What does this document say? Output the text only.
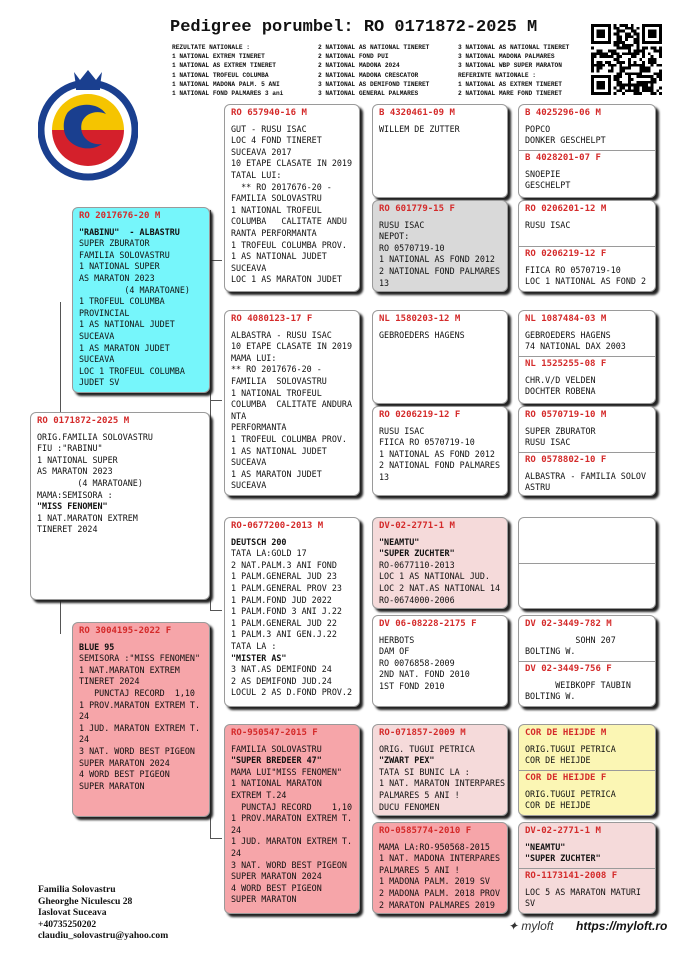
Pedigree porumbel: RO 0171872-2025 M
REZULTATE NATIONALE :
1 NATIONAL EXTREM TINERET
1 NATIONAL AS EXTREM TINERET
1 NATIONAL TROFEUL COLUMBA
1 NATIONAL MADONA PALM. 5 ANI
1 NATIONAL FOND PALMARES 3 ani
2 NATIONAL AS NATIONAL TINERET
2 NATIONAL FOND PUI
2 NATIONAL MADONA 2024
2 NATIONAL MADONA CRESCATOR
3 NATIONAL AS DEMIFOND TINERET
3 NATIONAL GENERAL PALMARES
3 NATIONAL AS NATIONAL TINERET
3 NATIONAL MADONA PALMARES
3 NATIONAL WBP SUPER MARATON
REFERINTE NATIONALE :
1 NATIONAL AS EXTREM TINERET
2 NATIONAL MARE FOND TINERET
RO 0171872-2025 M
ORIG.FAMILIA SOLOVASTRU
FIU :"RABINU"
1 NATIONAL SUPER
AS MARATON 2023
(4 MARATOANE)
MAMA:SEMISORA :
"MISS FENOMEN"
1 NAT.MARATON EXTREM
TINERET 2024
RO 2017676-20 M
"RABINU"  - ALBASTRU
SUPER ZBURATOR
FAMILIA SOLOVASTRU
1 NATIONAL SUPER
AS MARATON 2023
(4 MARATOANE)
1 TROFEUL COLUMBA
PROVINCIAL
1 AS NATIONAL JUDET
SUCEAVA
1 AS MARATON JUDET
SUCEAVA
LOC 1 TROFEUL COLUMBA
JUDET SV
RO 3004195-2022 F
BLUE 95
SEMISORA :"MISS FENOMEN"
1 NAT.MARATON EXTREM
TINERET 2024
PUNCTAJ RECORD  1,10
1 PROV.MARATON EXTREM T.
24
1 JUD. MARATON EXTREM T.
24
3 NAT. WORD BEST PIGEON
SUPER MARATON 2024
4 WORD BEST PIGEON
SUPER MARATON
RO 657940-16 M
GUT - RUSU ISAC
LOC 4 FOND TINERET
SUCEAVA 2017
10 ETAPE CLASATE IN 2019
TATAL LUI:
** RO 2017676-20 -
FAMILIA SOLOVASTRU
1 NATIONAL TROFEUL
COLUMBA   CALITATE ANDU
RANTA PERFORMANTA
1 TROFEUL COLUMBA PROV.
1 AS NATIONAL JUDET
SUCEAVA
LOC 1 AS MARATON JUDET
RO 4080123-17 F
ALBASTRA - RUSU ISAC
10 ETAPE CLASATE IN 2019
MAMA LUI:
** RO 2017676-20 -
FAMILIA  SOLOVASTRU
1 NATIONAL TROFEUL
COLUMBA  CALITATE ANDURA
NTA
PERFORMANTA
1 TROFEUL COLUMBA PROV.
1 AS NATIONAL JUDET
SUCEAVA
1 AS MARATON JUDET
SUCEAVA
RO-0677200-2013 M
DEUTSCH 200
TATA LA:GOLD 17
2 NAT.PALM.3 ANI FOND
1 PALM.GENERAL JUD 23
1 PALM.GENERAL PROV 23
1 PALM.FOND JUD 2022
1 PALM.FOND 3 ANI J.22
1 PALM.GENERAL JUD 22
1 PALM.3 ANI GEN.J.22
TATA LA :
"MISTER AS"
3 NAT.AS DEMIFOND 24
2 AS DEMIFOND JUD.24
LOCUL 2 AS D.FOND PROV.2
RO-950547-2015 F
FAMILIA SOLOVASTRU
"SUPER BREDEER 47"
MAMA LUI"MISS FENOMEN"
1 NATIONAL MARATON
EXTREM T.24
PUNCTAJ RECORD    1,10
1 PROV.MARATON EXTREM T.
24
1 JUD. MARATON EXTREM T.
24
3 NAT. WORD BEST PIGEON
SUPER MARATON 2024
4 WORD BEST PIGEON
SUPER MARATON
B 4320461-09 M
WILLEM DE ZUTTER
RO 601779-15 F
RUSU ISAC
NEPOT:
RO 0570719-10
1 NATIONAL AS FOND 2012
2 NATIONAL FOND PALMARES
13
NL 1580203-12 M
GEBROEDERS HAGENS
RO 0206219-12 F
RUSU ISAC
FIICA RO 0570719-10
1 NATIONAL AS FOND 2012
2 NATIONAL FOND PALMARES
13
DV-02-2771-1 M
"NEAMTU"
"SUPER ZUCHTER"
RO-0677110-2013
LOC 1 AS NATIONAL JUD.
LOC 2 NAT.AS NATIONAL 14
RO-0674000-2006
DV 06-08228-2175 F
HERBOTS
DAM OF
RO 0076858-2009
2ND NAT. FOND 2010
1ST FOND 2010
RO-071857-2009 M
ORIG. TUGUI PETRICA
"ZWART PEX"
TATA SI BUNIC LA :
1 NAT. MARATON INTERPARES
PALMARES 5 ANI !
DUCU FENOMEN
RO-0585774-2010 F
MAMA LA:RO-950568-2015
1 NAT. MADONA INTERPARES
PALMARES 5 ANI !
1 MADONA PALM. 2019 SV
2 MADONA PALM. 2018 PROV
2 MARATON PALMARES 2019
B 4025296-06 M
POPCO
DONKER GESCHELPT
B 4028201-07 F
SNOEPIE
GESCHELPT
RO 0206201-12 M
RUSU ISAC
RO 0206219-12 F
FIICA RO 0570719-10
LOC 1 NATIONAL AS FOND 2
NL 1087484-03 M
GEBROEDERS HAGENS
74 NATIONAL DAX 2003
NL 1525255-08 F
CHR.V/D VELDEN
DOCHTER ROBENA
RO 0570719-10 M
SUPER ZBURATOR
RUSU ISAC
RO 0578802-10 F
ALBASTRA - FAMILIA SOLOV
ASTRU
DV 02-3449-782 M
SOHN 207
BOLTING W.
DV 02-3449-756 F
WEIBKOPF TAUBIN
BOLTING W.
COR DE HEIJDE M
ORIG.TUGUI PETRICA
COR DE HEIJDE
COR DE HEIJDE F
ORIG.TUGUI PETRICA
COR DE HEIJDE
DV-02-2771-1 M
"NEAMTU"
"SUPER ZUCHTER"
RO-1173141-2008 F
LOC 5 AS MARATON MATURI
SV
Familia Solovastru
Gheorghe Niculescu 28
Iaslovat Suceava
+40735250202
claudiu_solovastru@yahoo.com
✦ myloft https://myloft.ro
